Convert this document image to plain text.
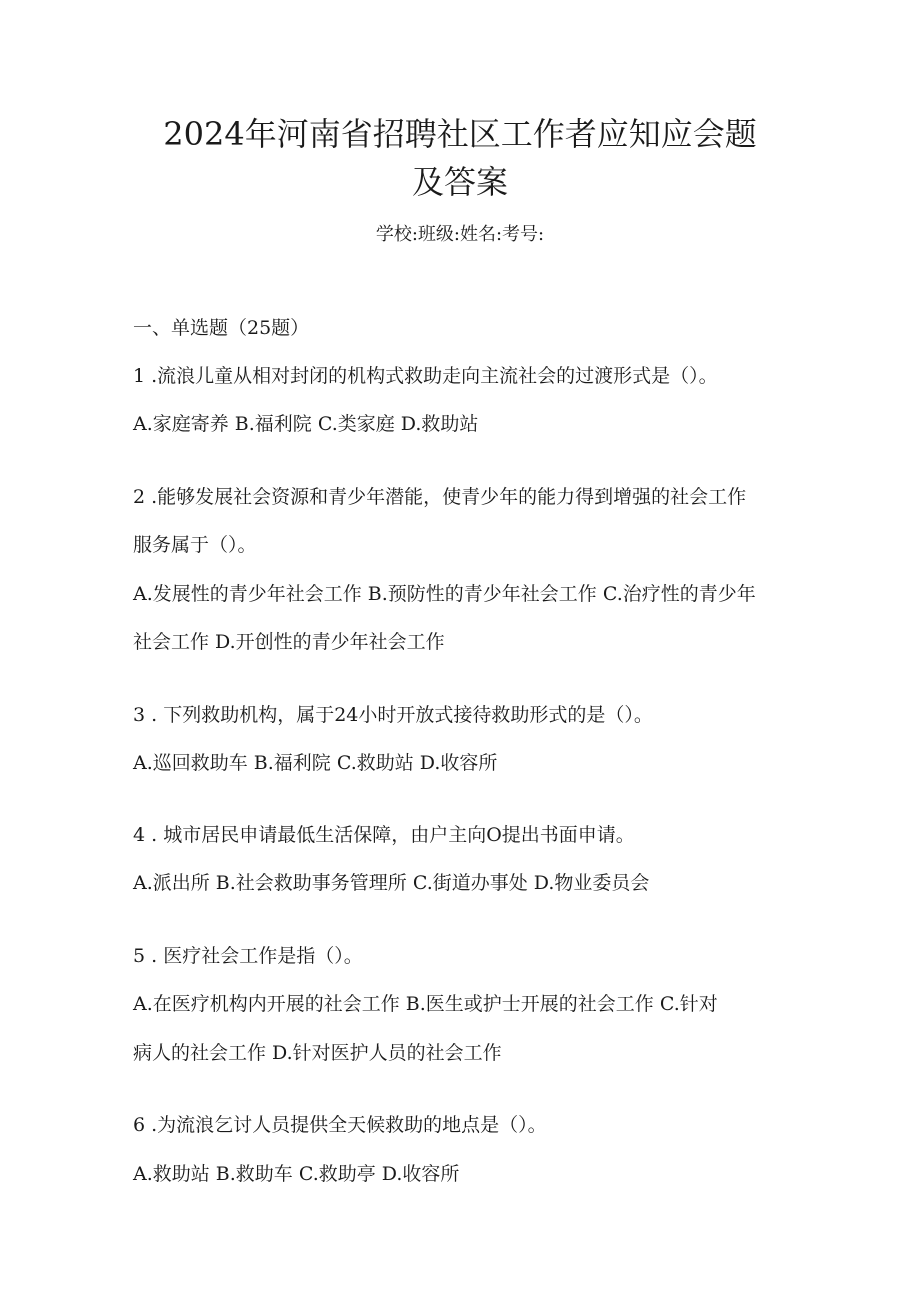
2024年河南省招聘社区工作者应知应会题
及答案
学校:班级:姓名:考号:
一、单选题（25题）
1 .流浪儿童从相对封闭的机构式救助走向主流社会的过渡形式是（）。
A.家庭寄养 B.福利院 C.类家庭 D.救助站
2 .能够发展社会资源和青少年潜能，使青少年的能力得到增强的社会工作
服务属于（）。
A.发展性的青少年社会工作 B.预防性的青少年社会工作 C.治疗性的青少年
社会工作 D.开创性的青少年社会工作
3 . 下列救助机构，属于24小时开放式接待救助形式的是（）。
A.巡回救助车 B.福利院 C.救助站 D.收容所
4 . 城市居民申请最低生活保障，由户主向O提出书面申请。
A.派出所 B.社会救助事务管理所 C.街道办事处 D.物业委员会
5 . 医疗社会工作是指（）。
A.在医疗机构内开展的社会工作 B.医生或护士开展的社会工作 C.针对
病人的社会工作 D.针对医护人员的社会工作
6 .为流浪乞讨人员提供全天候救助的地点是（）。
A.救助站 B.救助车 C.救助亭 D.收容所
